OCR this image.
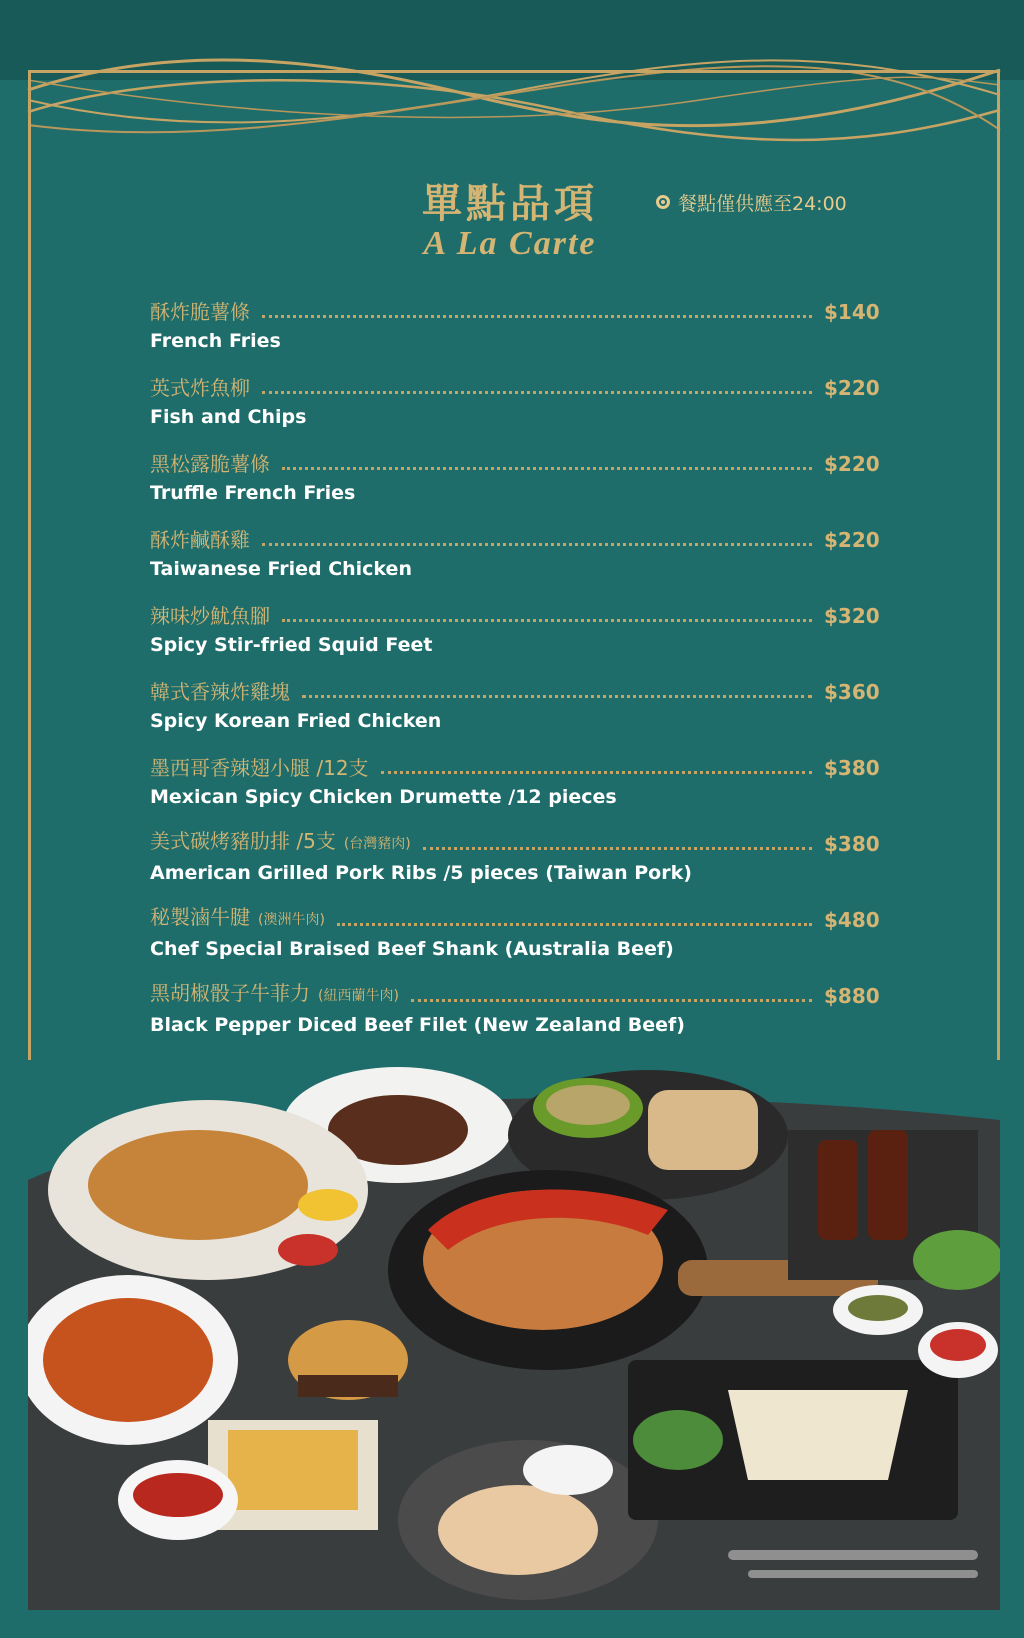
單點品項
A La Carte
餐點僅供應至24:00
酥炸脆薯條	$140
French Fries
英式炸魚柳	$220
Fish and Chips
黑松露脆薯條	$220
Truffle French Fries
酥炸鹹酥雞	$220
Taiwanese Fried Chicken
辣味炒魷魚腳	$320
Spicy Stir-fried Squid Feet
韓式香辣炸雞塊	$360
Spicy Korean Fried Chicken
墨西哥香辣翅小腿 /12支	$380
Mexican Spicy Chicken Drumette /12 pieces
美式碳烤豬肋排 /5支 (台灣豬肉)	$380
American Grilled Pork Ribs /5 pieces (Taiwan Pork)
秘製滷牛腱 (澳洲牛肉)	$480
Chef Special Braised Beef Shank (Australia Beef)
黑胡椒骰子牛菲力 (紐西蘭牛肉)	$880
Black Pepper Diced Beef Filet (New Zealand Beef)
